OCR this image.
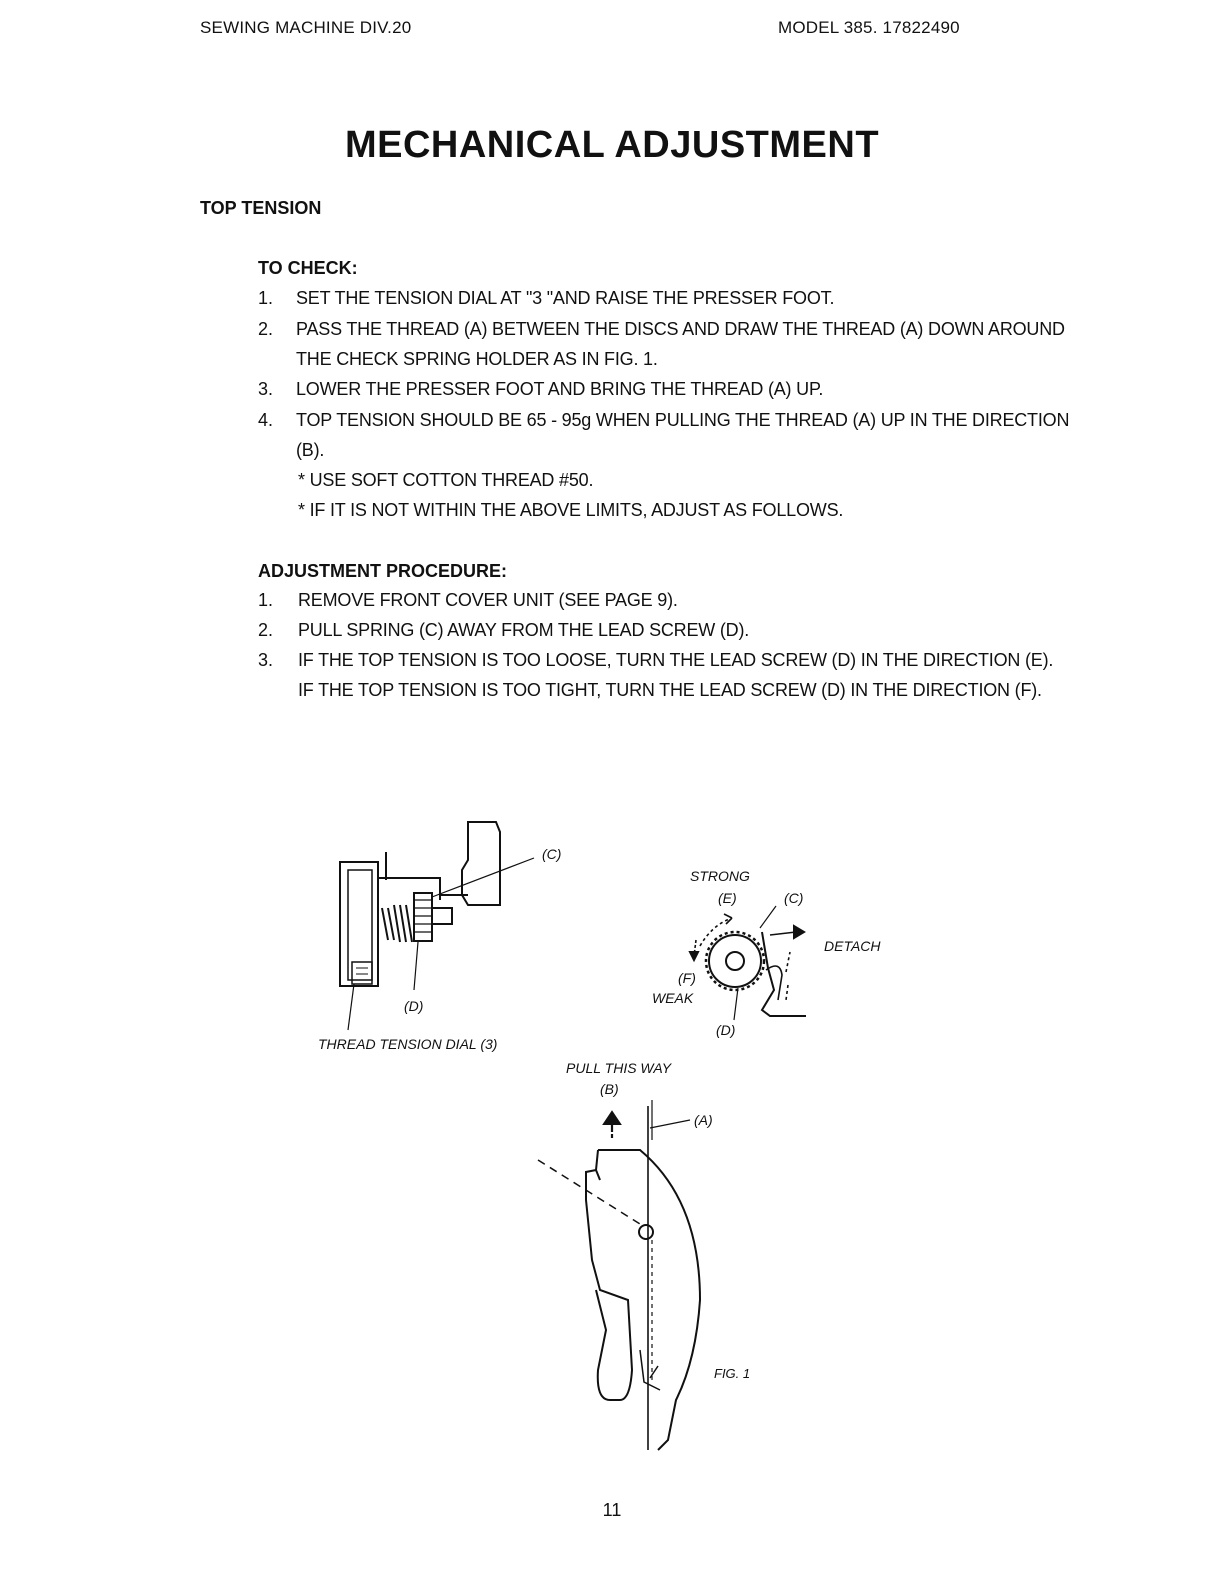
SEWING MACHINE DIV.20	MODEL 385. 17822490
MECHANICAL ADJUSTMENT
TOP TENSION
TO CHECK:
1. SET THE TENSION DIAL AT "3 "AND RAISE THE PRESSER FOOT.
2. PASS THE THREAD (A) BETWEEN THE DISCS AND DRAW THE THREAD (A) DOWN AROUND
THE CHECK SPRING HOLDER AS IN FIG. 1.
3. LOWER THE PRESSER FOOT AND BRING THE THREAD (A) UP.
4. TOP TENSION SHOULD BE 65 - 95g WHEN PULLING THE THREAD (A) UP IN THE DIRECTION
(B).
* USE SOFT COTTON THREAD #50.
* IF IT IS NOT WITHIN THE ABOVE LIMITS, ADJUST AS FOLLOWS.
ADJUSTMENT PROCEDURE:
1. REMOVE FRONT COVER UNIT (SEE PAGE 9).
2. PULL SPRING (C) AWAY FROM THE LEAD SCREW (D).
3. IF THE TOP TENSION IS TOO LOOSE, TURN THE LEAD SCREW (D) IN THE DIRECTION (E).
IF THE TOP TENSION IS TOO TIGHT, TURN THE LEAD SCREW (D) IN THE DIRECTION (F).
(C)
(D)
THREAD TENSION DIAL (3)
STRONG
(E)	(C)
DETACH
(F)
WEAK
(D)
PULL THIS WAY
(B)
(A)
FIG. 1
11
